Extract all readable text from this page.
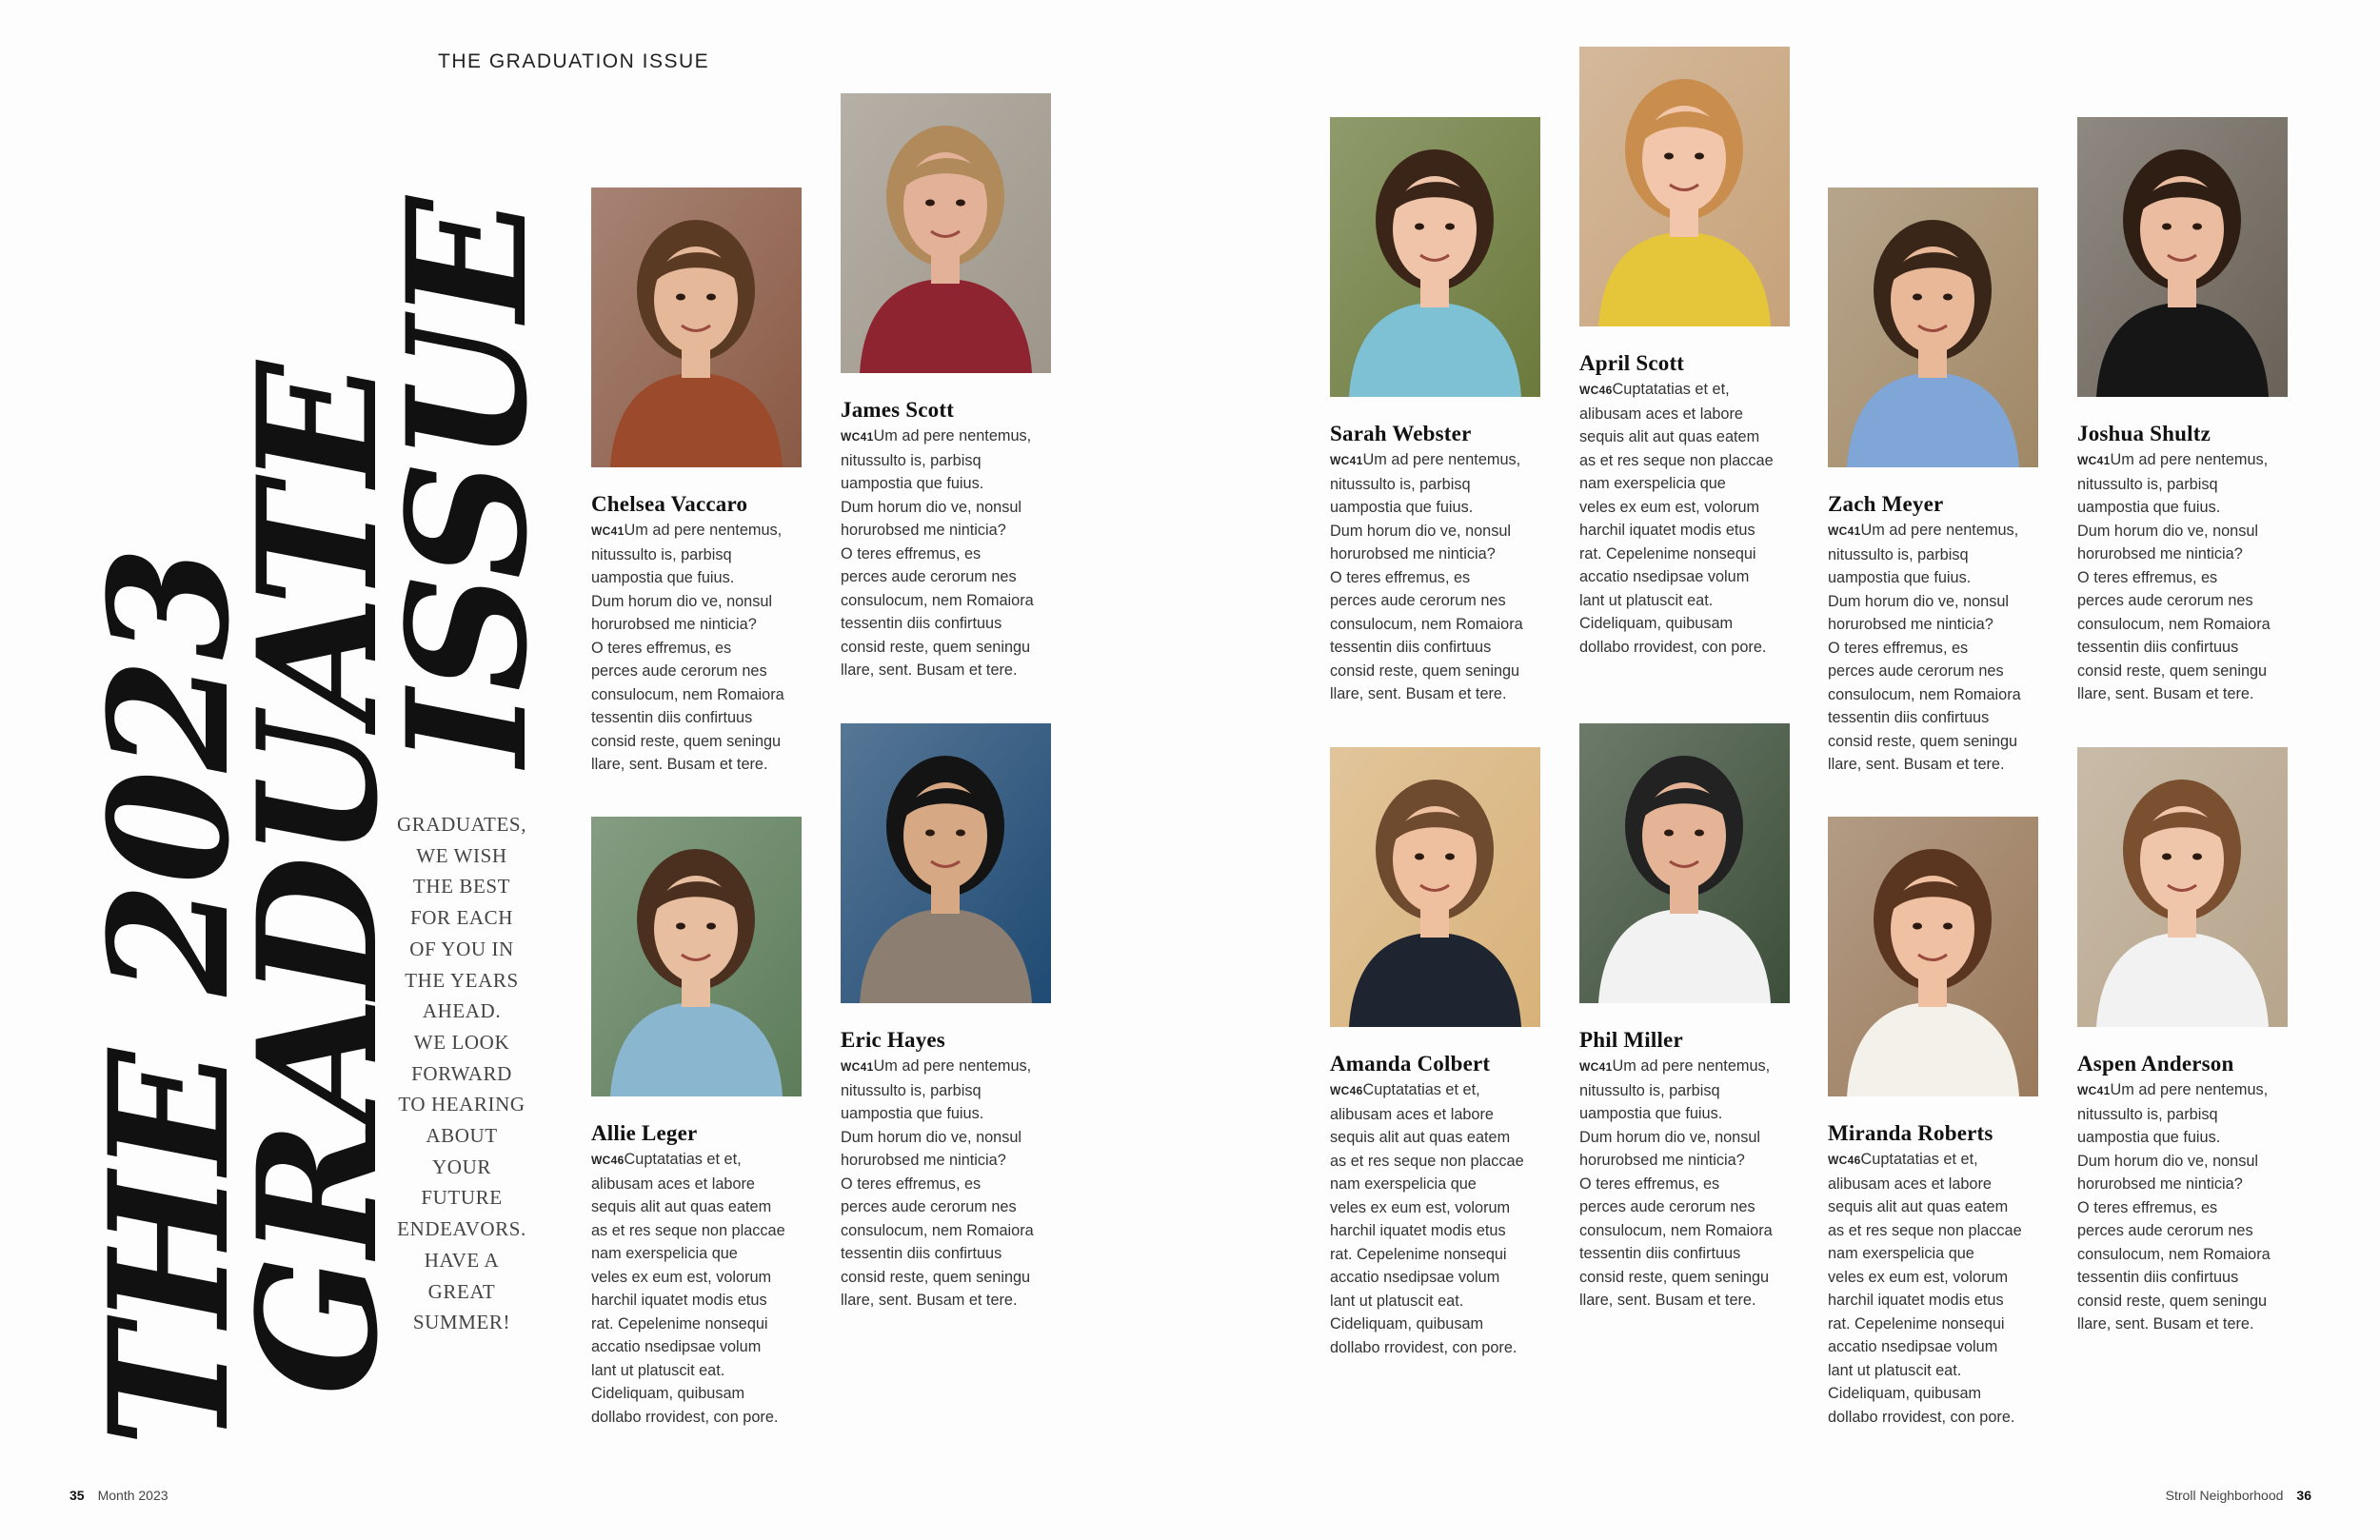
THE GRADUATION ISSUE
THE 2023
GRADUATE
ISSUE
GRADUATES,
WE WISH
THE BEST
FOR EACH
OF YOU IN
THE YEARS
AHEAD.
WE LOOK
FORWARD
TO HEARING
ABOUT
YOUR
FUTURE
ENDEAVORS.
HAVE A
GREAT
SUMMER!
Chelsea Vaccaro
WC41Um ad pere nentemus,
nitussulto is, parbisq
uampostia que fuius.
Dum horum dio ve, nonsul
horurobsed me ninticia?
O teres effremus, es
perces aude cerorum nes
consulocum, nem Romaiora
tessentin diis confirtuus
consid reste, quem seningu
llare, sent. Busam et tere.
Allie Leger
WC46Cuptatatias et et,
alibusam aces et labore
sequis alit aut quas eatem
as et res seque non placcae
nam exerspelicia que
veles ex eum est, volorum
harchil iquatet modis etus
rat. Cepelenime nonsequi
accatio nsedipsae volum
lant ut platuscit eat.
Cideliquam, quibusam
dollabo rrovidest, con pore.
James Scott
WC41Um ad pere nentemus,
nitussulto is, parbisq
uampostia que fuius.
Dum horum dio ve, nonsul
horurobsed me ninticia?
O teres effremus, es
perces aude cerorum nes
consulocum, nem Romaiora
tessentin diis confirtuus
consid reste, quem seningu
llare, sent. Busam et tere.
Eric Hayes
WC41Um ad pere nentemus,
nitussulto is, parbisq
uampostia que fuius.
Dum horum dio ve, nonsul
horurobsed me ninticia?
O teres effremus, es
perces aude cerorum nes
consulocum, nem Romaiora
tessentin diis confirtuus
consid reste, quem seningu
llare, sent. Busam et tere.
Sarah Webster
WC41Um ad pere nentemus,
nitussulto is, parbisq
uampostia que fuius.
Dum horum dio ve, nonsul
horurobsed me ninticia?
O teres effremus, es
perces aude cerorum nes
consulocum, nem Romaiora
tessentin diis confirtuus
consid reste, quem seningu
llare, sent. Busam et tere.
Amanda Colbert
WC46Cuptatatias et et,
alibusam aces et labore
sequis alit aut quas eatem
as et res seque non placcae
nam exerspelicia que
veles ex eum est, volorum
harchil iquatet modis etus
rat. Cepelenime nonsequi
accatio nsedipsae volum
lant ut platuscit eat.
Cideliquam, quibusam
dollabo rrovidest, con pore.
April Scott
WC46Cuptatatias et et,
alibusam aces et labore
sequis alit aut quas eatem
as et res seque non placcae
nam exerspelicia que
veles ex eum est, volorum
harchil iquatet modis etus
rat. Cepelenime nonsequi
accatio nsedipsae volum
lant ut platuscit eat.
Cideliquam, quibusam
dollabo rrovidest, con pore.
Phil Miller
WC41Um ad pere nentemus,
nitussulto is, parbisq
uampostia que fuius.
Dum horum dio ve, nonsul
horurobsed me ninticia?
O teres effremus, es
perces aude cerorum nes
consulocum, nem Romaiora
tessentin diis confirtuus
consid reste, quem seningu
llare, sent. Busam et tere.
Zach Meyer
WC41Um ad pere nentemus,
nitussulto is, parbisq
uampostia que fuius.
Dum horum dio ve, nonsul
horurobsed me ninticia?
O teres effremus, es
perces aude cerorum nes
consulocum, nem Romaiora
tessentin diis confirtuus
consid reste, quem seningu
llare, sent. Busam et tere.
Miranda Roberts
WC46Cuptatatias et et,
alibusam aces et labore
sequis alit aut quas eatem
as et res seque non placcae
nam exerspelicia que
veles ex eum est, volorum
harchil iquatet modis etus
rat. Cepelenime nonsequi
accatio nsedipsae volum
lant ut platuscit eat.
Cideliquam, quibusam
dollabo rrovidest, con pore.
Joshua Shultz
WC41Um ad pere nentemus,
nitussulto is, parbisq
uampostia que fuius.
Dum horum dio ve, nonsul
horurobsed me ninticia?
O teres effremus, es
perces aude cerorum nes
consulocum, nem Romaiora
tessentin diis confirtuus
consid reste, quem seningu
llare, sent. Busam et tere.
Aspen Anderson
WC41Um ad pere nentemus,
nitussulto is, parbisq
uampostia que fuius.
Dum horum dio ve, nonsul
horurobsed me ninticia?
O teres effremus, es
perces aude cerorum nes
consulocum, nem Romaiora
tessentin diis confirtuus
consid reste, quem seningu
llare, sent. Busam et tere.
35 Month 2023	Stroll Neighborhood 36
